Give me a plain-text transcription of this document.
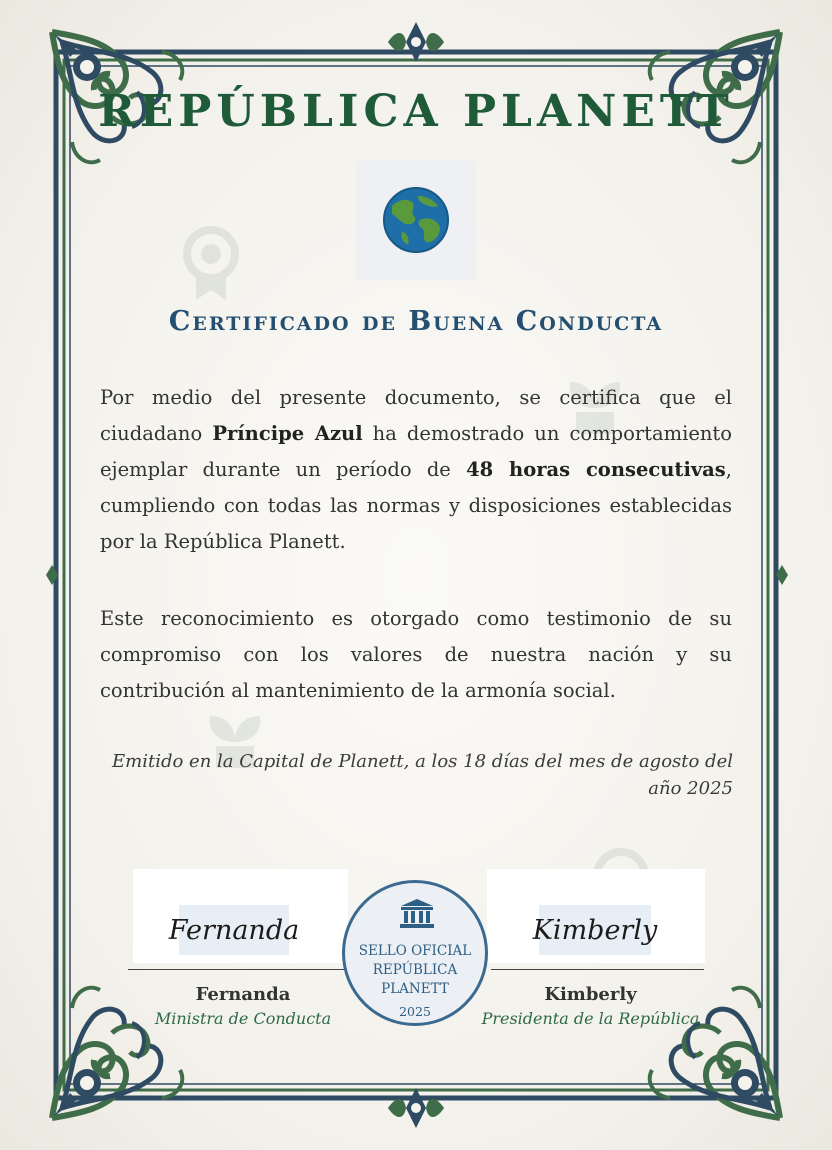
REPÚBLICA PLANETT
Certificado de Buena Conducta

Por medio del presente documento, se certifica que el ciudadano Príncipe Azul ha demostrado un comportamiento ejemplar durante un período de 48 horas consecutivas, cumpliendo con todas las normas y disposiciones establecidas por la República Planett.

Este reconocimiento es otorgado como testimonio de su compromiso con los valores de nuestra nación y su contribución al mantenimiento de la armonía social.

Emitido en la Capital de Planett, a los 18 días del mes de agosto del año 2025

Fernanda
Fernanda
Ministra de Conducta
Kimberly
Kimberly
Presidenta de la República
SELLO OFICIAL
REPÚBLICA
PLANETT
2025
